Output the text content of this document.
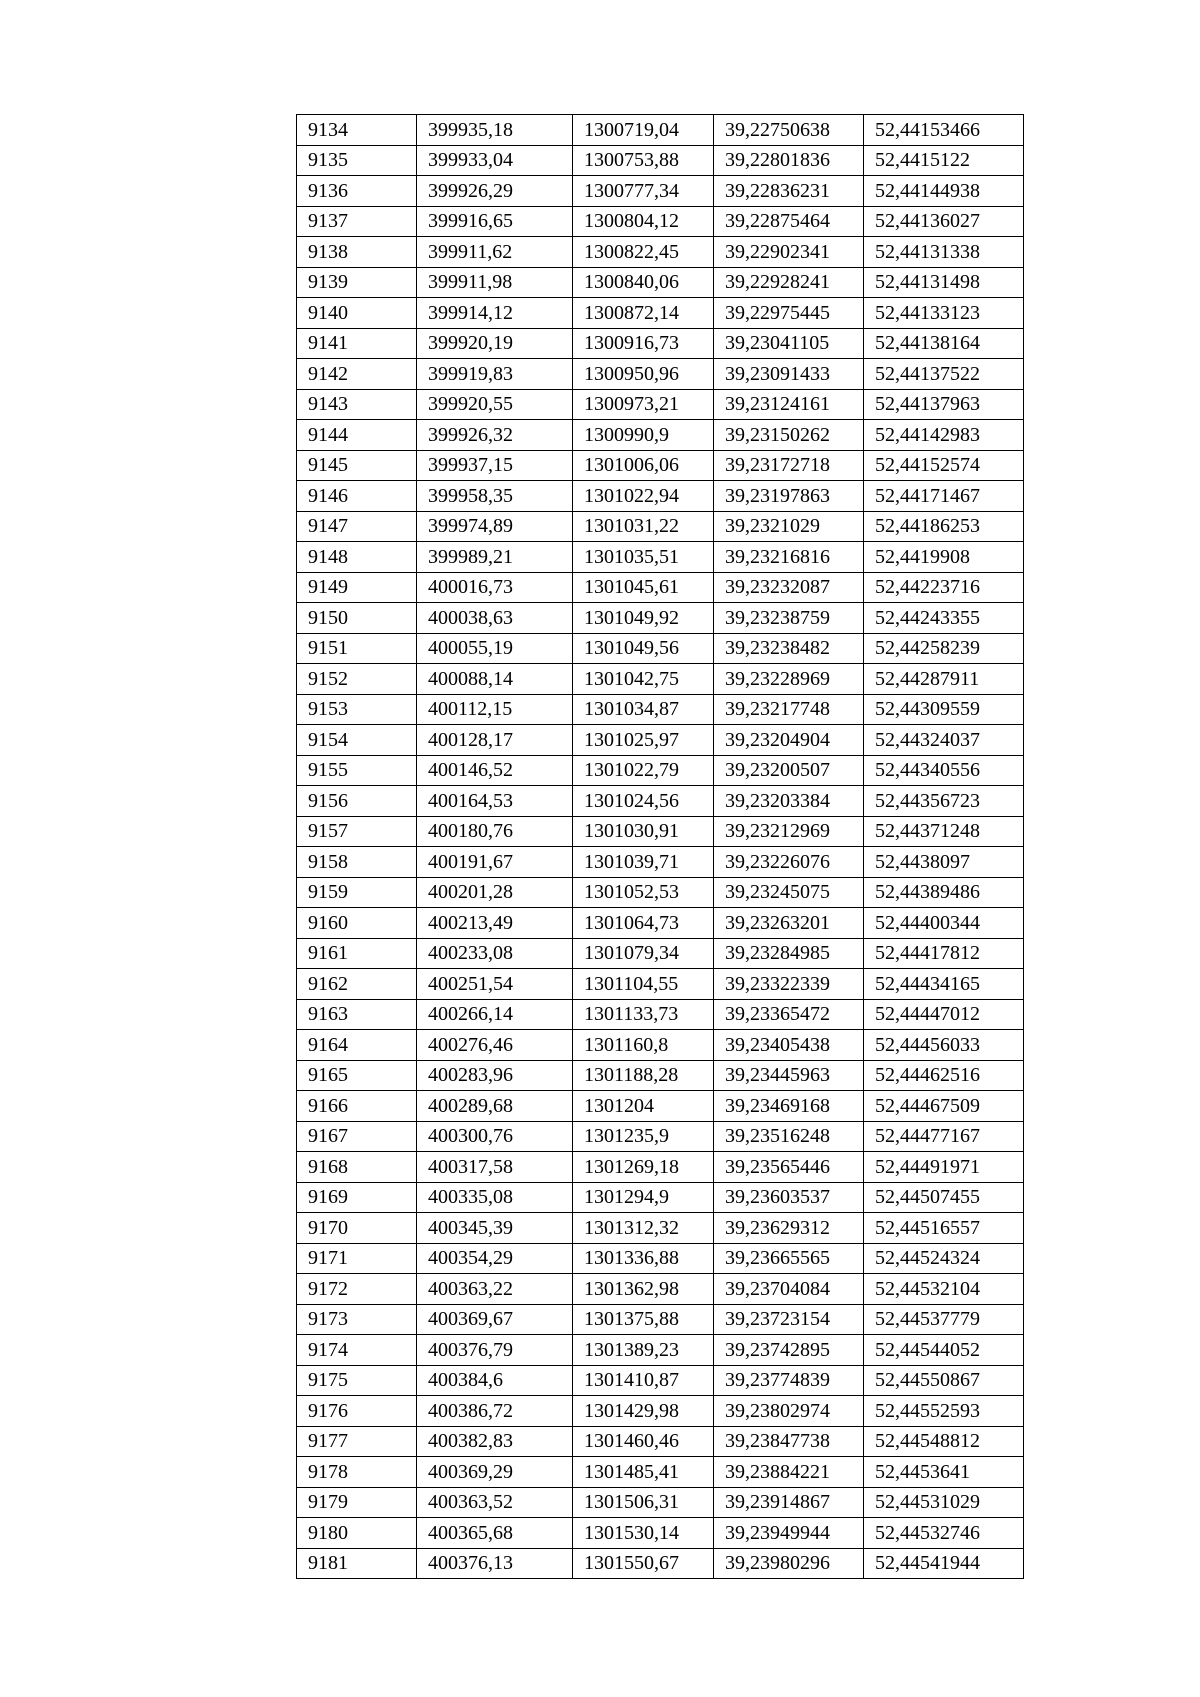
9134	399935,18	1300719,04	39,22750638	52,44153466
9135	399933,04	1300753,88	39,22801836	52,4415122
9136	399926,29	1300777,34	39,22836231	52,44144938
9137	399916,65	1300804,12	39,22875464	52,44136027
9138	399911,62	1300822,45	39,22902341	52,44131338
9139	399911,98	1300840,06	39,22928241	52,44131498
9140	399914,12	1300872,14	39,22975445	52,44133123
9141	399920,19	1300916,73	39,23041105	52,44138164
9142	399919,83	1300950,96	39,23091433	52,44137522
9143	399920,55	1300973,21	39,23124161	52,44137963
9144	399926,32	1300990,9	39,23150262	52,44142983
9145	399937,15	1301006,06	39,23172718	52,44152574
9146	399958,35	1301022,94	39,23197863	52,44171467
9147	399974,89	1301031,22	39,2321029	52,44186253
9148	399989,21	1301035,51	39,23216816	52,4419908
9149	400016,73	1301045,61	39,23232087	52,44223716
9150	400038,63	1301049,92	39,23238759	52,44243355
9151	400055,19	1301049,56	39,23238482	52,44258239
9152	400088,14	1301042,75	39,23228969	52,44287911
9153	400112,15	1301034,87	39,23217748	52,44309559
9154	400128,17	1301025,97	39,23204904	52,44324037
9155	400146,52	1301022,79	39,23200507	52,44340556
9156	400164,53	1301024,56	39,23203384	52,44356723
9157	400180,76	1301030,91	39,23212969	52,44371248
9158	400191,67	1301039,71	39,23226076	52,4438097
9159	400201,28	1301052,53	39,23245075	52,44389486
9160	400213,49	1301064,73	39,23263201	52,44400344
9161	400233,08	1301079,34	39,23284985	52,44417812
9162	400251,54	1301104,55	39,23322339	52,44434165
9163	400266,14	1301133,73	39,23365472	52,44447012
9164	400276,46	1301160,8	39,23405438	52,44456033
9165	400283,96	1301188,28	39,23445963	52,44462516
9166	400289,68	1301204	39,23469168	52,44467509
9167	400300,76	1301235,9	39,23516248	52,44477167
9168	400317,58	1301269,18	39,23565446	52,44491971
9169	400335,08	1301294,9	39,23603537	52,44507455
9170	400345,39	1301312,32	39,23629312	52,44516557
9171	400354,29	1301336,88	39,23665565	52,44524324
9172	400363,22	1301362,98	39,23704084	52,44532104
9173	400369,67	1301375,88	39,23723154	52,44537779
9174	400376,79	1301389,23	39,23742895	52,44544052
9175	400384,6	1301410,87	39,23774839	52,44550867
9176	400386,72	1301429,98	39,23802974	52,44552593
9177	400382,83	1301460,46	39,23847738	52,44548812
9178	400369,29	1301485,41	39,23884221	52,4453641
9179	400363,52	1301506,31	39,23914867	52,44531029
9180	400365,68	1301530,14	39,23949944	52,44532746
9181	400376,13	1301550,67	39,23980296	52,44541944
